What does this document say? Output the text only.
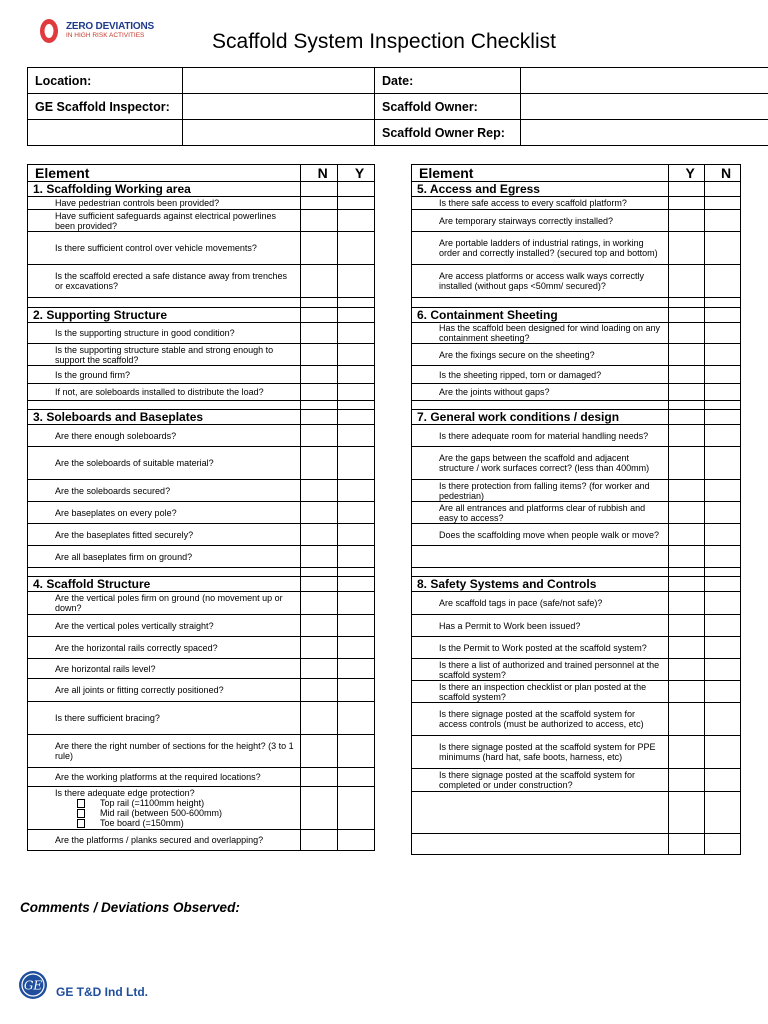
ZERO DEVIATIONS
IN HIGH RISK ACTIVITIES	Scaffold System Inspection Checklist
Location:		Date:	
GE Scaffold Inspector:		Scaffold Owner:	
		Scaffold Owner Rep:	
Element	N	Y
1. Scaffolding Working area		
Have pedestrian controls been provided?		
Have sufficient safeguards against electrical powerlines been provided?		
Is there sufficient control over vehicle movements?		
Is the scaffold erected a safe distance away from trenches or excavations?		

2. Supporting Structure		
Is the supporting structure in good condition?		
Is the supporting structure stable and strong enough to support the scaffold?		
Is the ground firm?		
If not, are soleboards installed to distribute the load?		

3. Soleboards and Baseplates		
Are there enough soleboards?		
Are the soleboards of suitable material?		
Are the soleboards secured?		
Are baseplates on every pole?		
Are the baseplates fitted securely?		
Are all baseplates firm on ground?		

4. Scaffold Structure		
Are the vertical poles firm on ground (no movement up or down?		
Are the vertical poles vertically straight?		
Are the horizontal rails correctly spaced?		
Are horizontal rails level?		
Are all joints or fitting correctly positioned?		
Is there sufficient bracing?		
Are there the right number of sections for the height? (3 to 1 rule)		
Are the working platforms at the required locations?		

Is there adequate edge protection?
Top rail (=1100mm height)
Mid rail (between 500-600mm)
Toe board (=150mm)		

Are the platforms / planks secured and overlapping?		
Element	Y	N
5. Access and Egress		
Is there safe access to every scaffold platform?		
Are temporary stairways correctly installed?		
Are portable ladders of industrial ratings, in working order and correctly installed? (secured top and bottom)		
Are access platforms or access walk ways correctly installed (without gaps <50mm/ secured)?		

6. Containment Sheeting		
Has the scaffold been designed for wind loading on any containment sheeting?		
Are the fixings secure on the sheeting?		
Is the sheeting ripped, torn or damaged?		
Are the joints without gaps?		

7. General work conditions / design		
Is there adequate room for material handling needs?		
Are the gaps between the scaffold and adjacent structure / work surfaces correct? (less than 400mm)		
Is there protection from falling items? (for worker and pedestrian)		
Are all entrances and platforms clear of rubbish and easy to access?		
Does the scaffolding move when people walk or move?		

8. Safety Systems and Controls		
Are scaffold tags in pace (safe/not safe)?		
Has a Permit to Work been issued?		
Is the Permit to Work posted at the scaffold system?		
Is there a list of authorized and trained personnel at the scaffold system?		
Is there an inspection checklist or plan posted at the scaffold system?		
Is there signage posted at the scaffold system for access controls (must be authorized to access, etc)		
Is there signage posted at the scaffold system for PPE minimums (hard hat, safe boots, harness, etc)		
Is there signage posted at the scaffold system for completed or under construction?		

Comments / Deviations Observed:
GE GE T&D Ind Ltd.
